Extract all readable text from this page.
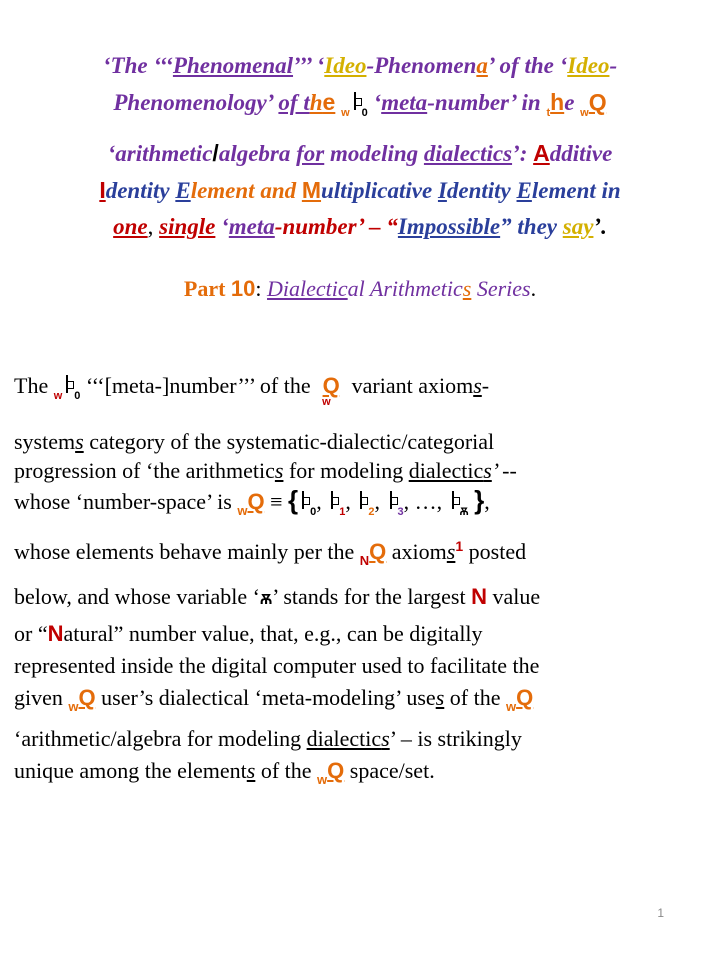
‘The ‘‘‘Phenomenal’’’ ‘Ideo-Phenomena’ of the ‘Ideo-
Phenomenology’ of the $_w$ $_0$ ‘meta-number’ in $_t$he $_w$Q
‘arithmetic/algebra for modeling dialectics’: Additive
Identity Element and Multiplicative Identity Element in
one, single ‘meta-number’ – “Impossible” they say’.
Part 10: Dialectical Arithmetics Series.

The $_w$ $_0$ ‘‘‘[meta-]number’’’ of the Q
w
variant axioms-

systems category of the systematic-dialectic/categorial

progression of ‘the arithmetics for modeling dialectics’ --

whose ‘number-space’ is $_w$Q ≡ { $_0$, $_1$, $_2$, $_3$, …, $_Ѫ$ },

whose elements behave mainly per the $_N$Q axioms$^1$ posted

below, and whose variable ‘Ѫ’ stands for the largest N value

or “Natural” number value, that, e.g., can be digitally

represented inside the digital computer used to facilitate the

given $_w$Q user’s dialectical ‘meta-modeling’ uses of the $_w$Q

‘arithmetic/algebra for modeling dialectics’ – is strikingly

unique among the elements of the $_w$Q space/set.

1
